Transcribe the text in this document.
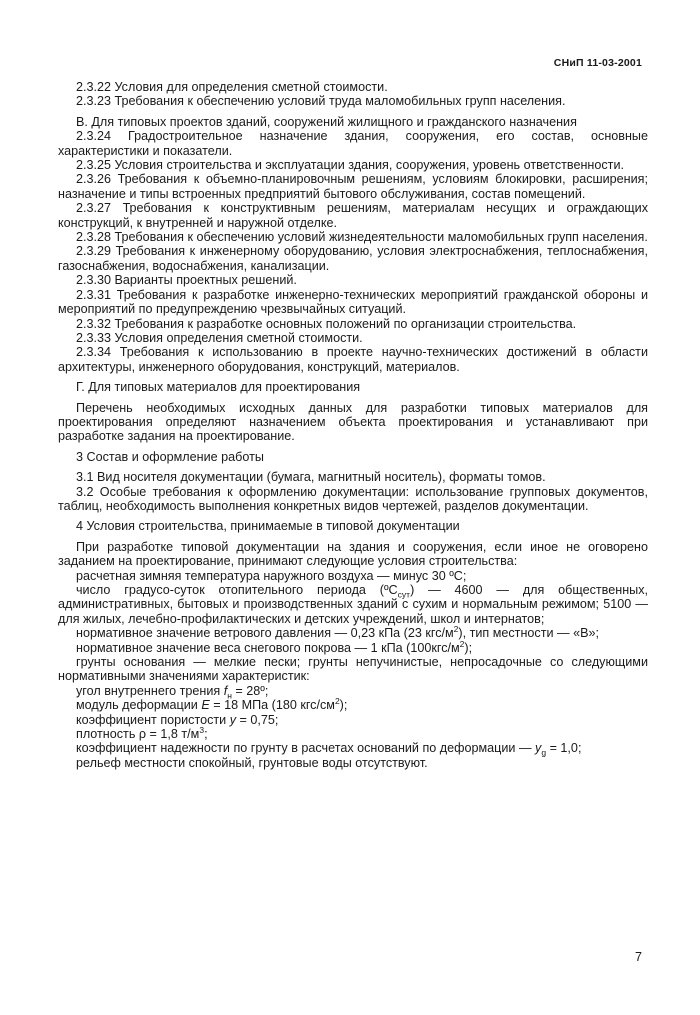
СНиП 11-03-2001

2.3.22 Условия для определения сметной стоимости.

2.3.23 Требования к обеспечению условий труда маломобильных групп населения.

В. Для типовых проектов зданий, сооружений жилищного и гражданского назначения

2.3.24 Градостроительное назначение здания, сооружения, его состав, основные характеристики и показатели.

2.3.25 Условия строительства и эксплуатации здания, сооружения, уровень ответственности.

2.3.26 Требования к объемно-планировочным решениям, условиям блокировки, расширения; назначение и типы встроенных предприятий бытового обслуживания, состав помещений.

2.3.27 Требования к конструктивным решениям, материалам несущих и ограждающих конструкций, к внутренней и наружной отделке.

2.3.28 Требования к обеспечению условий жизнедеятельности маломобильных групп населения.

2.3.29 Требования к инженерному оборудованию, условия электроснабжения, теплоснабжения, газоснабжения, водоснабжения, канализации.

2.3.30 Варианты проектных решений.

2.3.31 Требования к разработке инженерно-технических мероприятий гражданской обороны и мероприятий по предупреждению чрезвычайных ситуаций.

2.3.32 Требования к разработке основных положений по организации строительства.

2.3.33 Условия определения сметной стоимости.

2.3.34 Требования к использованию в проекте научно-технических достижений в области архитектуры, инженерного оборудования, конструкций, материалов.

Г. Для типовых материалов для проектирования

Перечень необходимых исходных данных для разработки типовых материалов для проектирования определяют назначением объекта проектирования и устанавливают при разработке задания на проектирование.

3 Состав и оформление работы

3.1 Вид носителя документации (бумага, магнитный носитель), форматы томов.

3.2 Особые требования к оформлению документации: использование групповых документов, таблиц, необходимость выполнения конкретных видов чертежей, разделов документации.

4 Условия строительства, принимаемые в типовой документации

При разработке типовой документации на здания и сооружения, если иное не оговорено заданием на проектирование, принимают следующие условия строительства:

расчетная зимняя температура наружного воздуха — минус 30 ºС;

число градусо-суток отопительного периода (ºС$_{сут}$) — 4600 — для общественных, административных, бытовых и производственных зданий с сухим и нормальным режимом; 5100 — для жилых, лечебно-профилактических и детских учреждений, школ и интернатов;

нормативное значение ветрового давления — 0,23 кПа (23 кгс/$м^2$), тип местности — «В»;

нормативное значение веса снегового покрова — 1 кПа $(100кгс/м^2)$;

грунты основания — мелкие пески; грунты непучинистые, непросадочные со следующими нормативными значениями характеристик:

угол внутреннего трения $f_н$ = 28º;

модуль деформации E = 18 МПа (180 кгс/$см^2$);

коэффициент пористости у = 0,75;

плотность ρ = 1,8 $т/м^3$;

коэффициент надежности по грунту в расчетах оснований по деформации — $y_g = 1,0$;

рельеф местности спокойный, грунтовые воды отсутствуют.

7
